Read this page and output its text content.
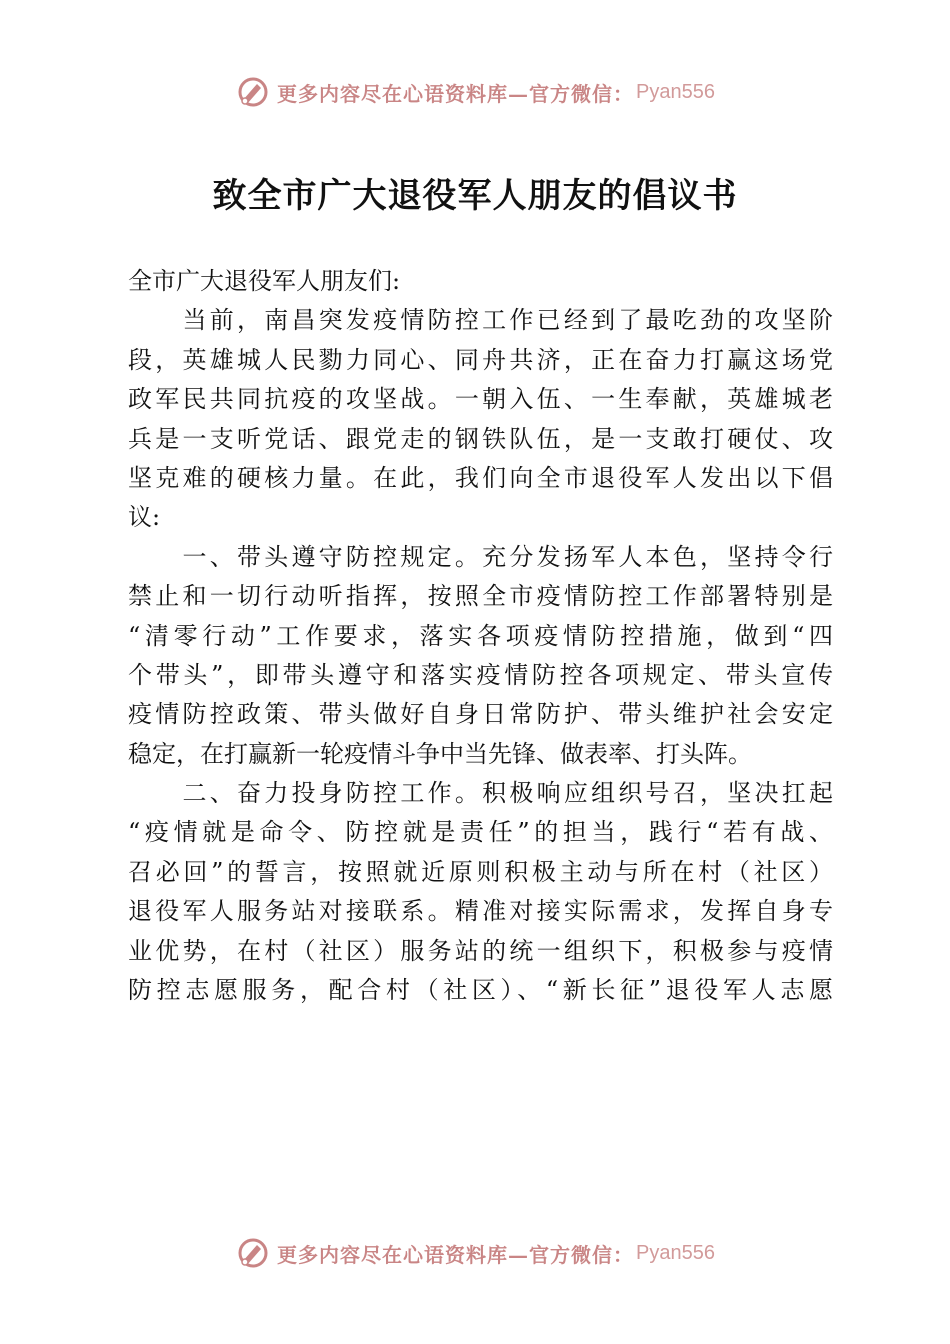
更多内容尽在心语资料库—官方微信： Pyan556
致全市广大退役军人朋友的倡议书
全市广大退役军人朋友们:
　　当前，南昌突发疫情防控工作已经到了最吃劲的攻坚阶
段，英雄城人民勠力同心、同舟共济，正在奋力打赢这场党
政军民共同抗疫的攻坚战。一朝入伍、一生奉献，英雄城老
兵是一支听党话、跟党走的钢铁队伍，是一支敢打硬仗、攻
坚克难的硬核力量。在此，我们向全市退役军人发出以下倡
议:
　　一、带头遵守防控规定。充分发扬军人本色，坚持令行
禁止和一切行动听指挥，按照全市疫情防控工作部署特别是
“清零行动”工作要求，落实各项疫情防控措施，做到“四
个带头”，即带头遵守和落实疫情防控各项规定、带头宣传
疫情防控政策、带头做好自身日常防护、带头维护社会安定
稳定，在打赢新一轮疫情斗争中当先锋、做表率、打头阵。
　　二、奋力投身防控工作。积极响应组织号召，坚决扛起
“疫情就是命令、防控就是责任”的担当，践行“若有战、
召必回”的誓言，按照就近原则积极主动与所在村（社区）
退役军人服务站对接联系。精准对接实际需求，发挥自身专
业优势，在村（社区）服务站的统一组织下，积极参与疫情
防控志愿服务，配合村（社区）、“新长征”退役军人志愿
更多内容尽在心语资料库—官方微信： Pyan556
